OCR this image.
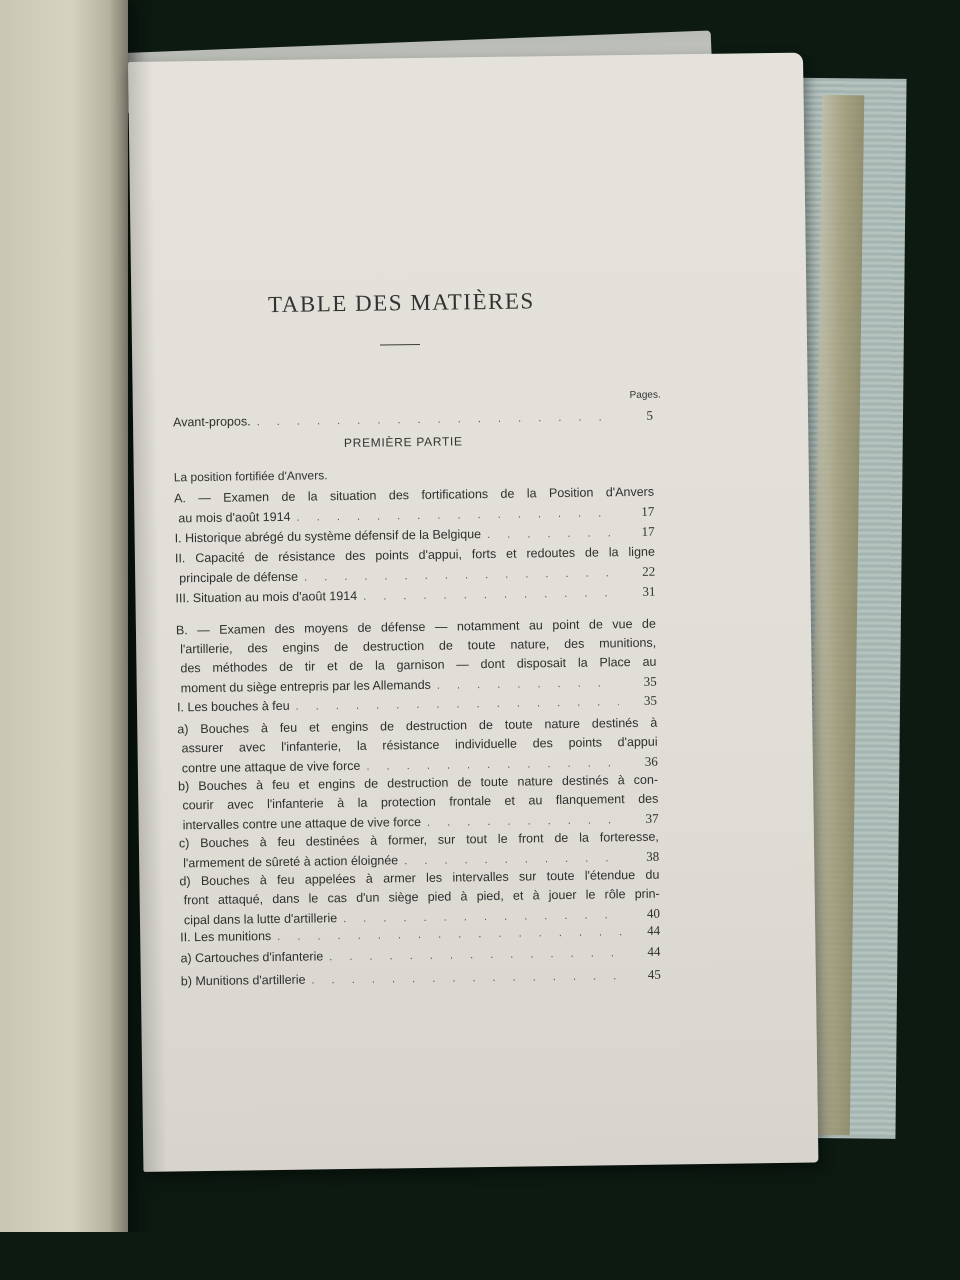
TABLE DES MATIÈRES
Pages.
Avant-propos. . . .	5
PREMIÈRE PARTIE
La position fortifiée d'Anvers.
A. — Examen de la situation des fortifications de la Position d'Anvers
au mois d'août 1914 . . .	17
I. Historique abrégé du système défensif de la Belgique . . .	17
II. Capacité de résistance des points d'appui, forts et redoutes de la ligne
principale de défense . . .	22
III. Situation au mois d'août 1914 . . .	31
B. — Examen des moyens de défense — notamment au point de vue de
l'artillerie, des engins de destruction de toute nature, des munitions,
des méthodes de tir et de la garnison — dont disposait la Place au
moment du siège entrepris par les Allemands . . .	35
I. Les bouches à feu . . .	35
a) Bouches à feu et engins de destruction de toute nature destinés à
assurer avec l'infanterie, la résistance individuelle des points d'appui
contre une attaque de vive force . . .	36
b) Bouches à feu et engins de destruction de toute nature destinés à con-
courir avec l'infanterie à la protection frontale et au flanquement des
intervalles contre une attaque de vive force . . .	37
c) Bouches à feu destinées à former, sur tout le front de la forteresse,
l'armement de sûreté à action éloignée . . .	38
d) Bouches à feu appelées à armer les intervalles sur toute l'étendue du
front attaqué, dans le cas d'un siège pied à pied, et à jouer le rôle prin-
cipal dans la lutte d'artillerie . . .	40
II. Les munitions . . .	44
a) Cartouches d'infanterie . . .	44
b) Munitions d'artillerie . . .	45
